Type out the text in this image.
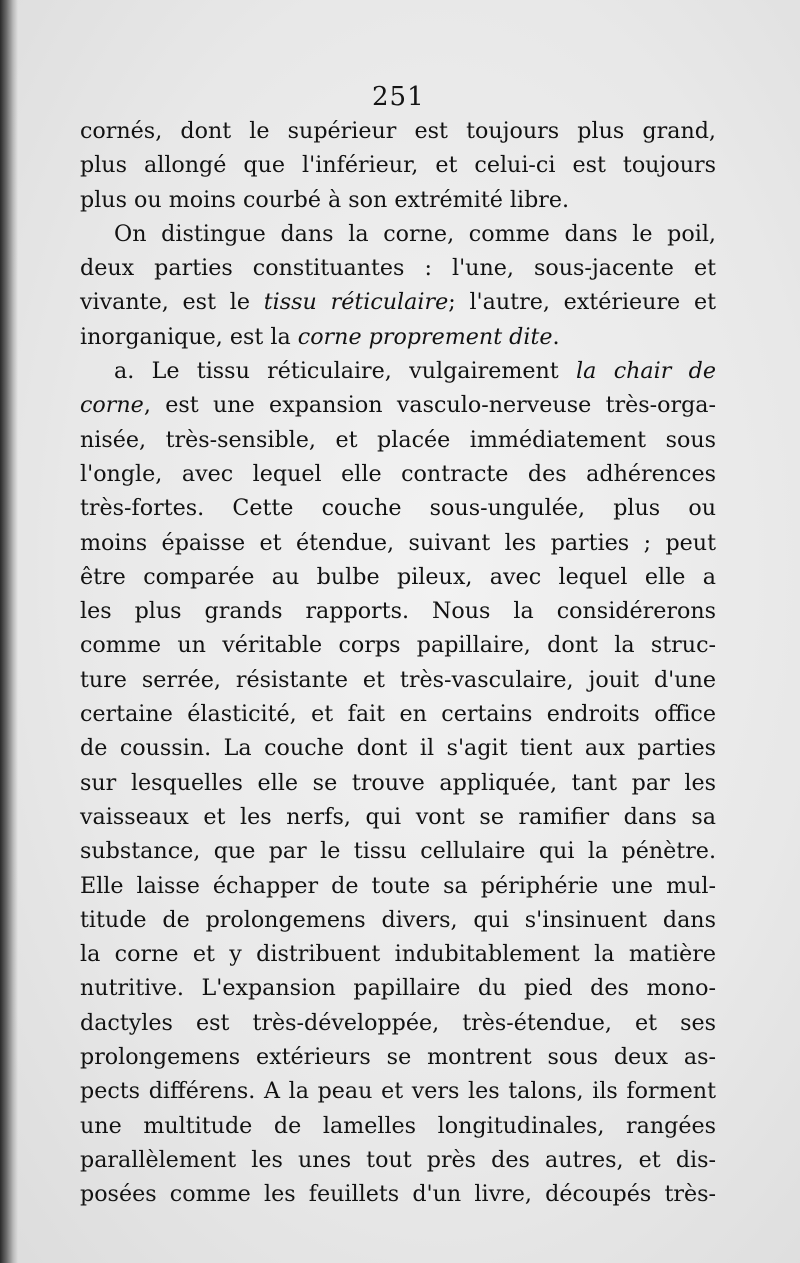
251
cornés, dont le supérieur est toujours plus grand,
plus allongé que l'inférieur, et celui-ci est toujours
plus ou moins courbé à son extrémité libre.
On distingue dans la corne, comme dans le poil,
deux parties constituantes : l'une, sous-jacente et
vivante, est le tissu réticulaire; l'autre, extérieure et
inorganique, est la corne proprement dite.
a. Le tissu réticulaire, vulgairement la chair de
corne, est une expansion vasculo-nerveuse très-orga-
nisée, très-sensible, et placée immédiatement sous
l'ongle, avec lequel elle contracte des adhérences
très-fortes. Cette couche sous-ungulée, plus ou
moins épaisse et étendue, suivant les parties ; peut
être comparée au bulbe pileux, avec lequel elle a
les plus grands rapports. Nous la considérerons
comme un véritable corps papillaire, dont la struc-
ture serrée, résistante et très-vasculaire, jouit d'une
certaine élasticité, et fait en certains endroits office
de coussin. La couche dont il s'agit tient aux parties
sur lesquelles elle se trouve appliquée, tant par les
vaisseaux et les nerfs, qui vont se ramifier dans sa
substance, que par le tissu cellulaire qui la pénètre.
Elle laisse échapper de toute sa périphérie une mul-
titude de prolongemens divers, qui s'insinuent dans
la corne et y distribuent indubitablement la matière
nutritive. L'expansion papillaire du pied des mono-
dactyles est très-développée, très-étendue, et ses
prolongemens extérieurs se montrent sous deux as-
pects différens. A la peau et vers les talons, ils forment
une multitude de lamelles longitudinales, rangées
parallèlement les unes tout près des autres, et dis-
posées comme les feuillets d'un livre, découpés très-
